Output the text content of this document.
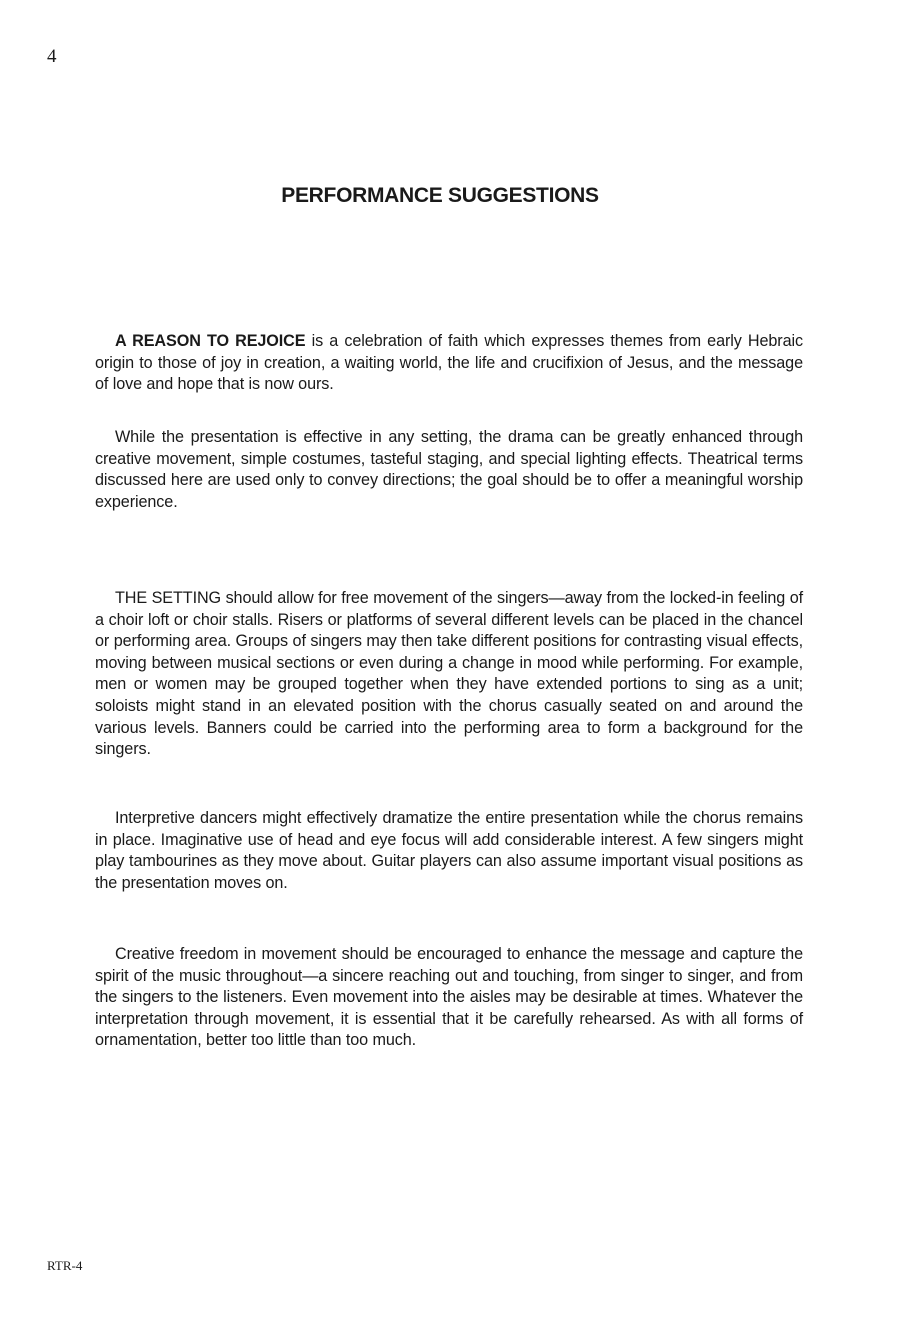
4
PERFORMANCE SUGGESTIONS

A REASON TO REJOICE is a celebration of faith which expresses themes from early Hebraic origin to those of joy in creation, a waiting world, the life and crucifixion of Jesus, and the message of love and hope that is now ours.

While the presentation is effective in any setting, the drama can be greatly enhanced through creative movement, simple costumes, tasteful staging, and special lighting effects. Theatrical terms discussed here are used only to convey directions; the goal should be to offer a meaningful worship experience.

THE SETTING should allow for free movement of the singers—away from the locked-in feeling of a choir loft or choir stalls. Risers or platforms of several different levels can be placed in the chancel or performing area. Groups of singers may then take different positions for contrasting visual effects, moving between musical sections or even during a change in mood while performing. For example, men or women may be grouped together when they have extended portions to sing as a unit; soloists might stand in an elevated position with the chorus casually seated on and around the various levels. Banners could be carried into the performing area to form a background for the singers.

Interpretive dancers might effectively dramatize the entire presentation while the chorus remains in place. Imaginative use of head and eye focus will add considerable interest. A few singers might play tambourines as they move about. Guitar players can also assume important visual positions as the presentation moves on.

Creative freedom in movement should be encouraged to enhance the message and capture the spirit of the music throughout—a sincere reaching out and touching, from singer to singer, and from the singers to the listeners. Even movement into the aisles may be desirable at times. Whatever the interpretation through movement, it is essential that it be carefully rehearsed. As with all forms of ornamentation, better too little than too much.

RTR-4
